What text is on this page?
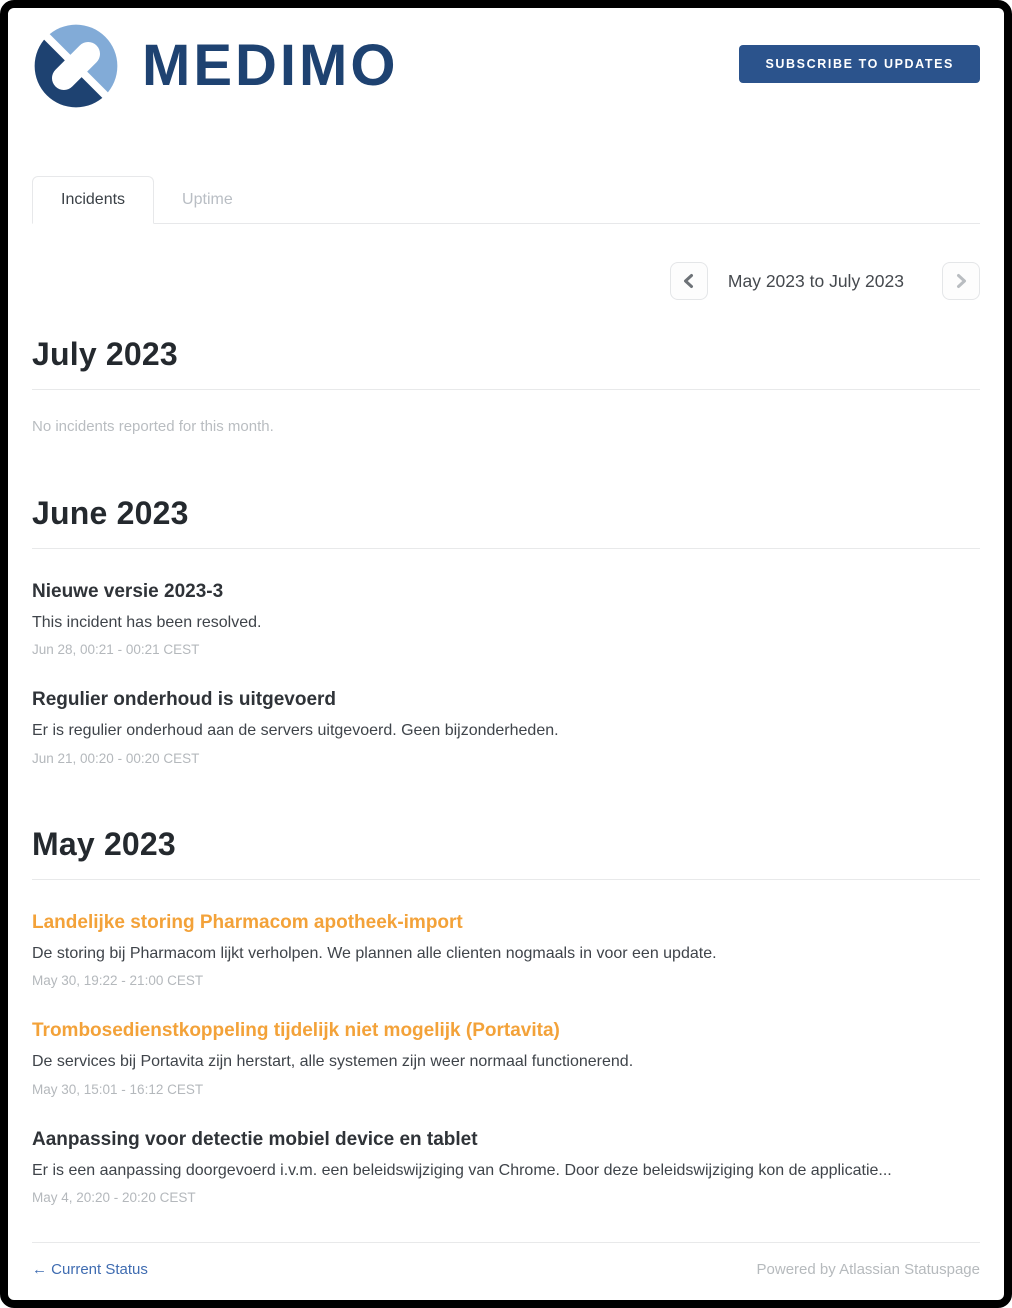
MEDIMO	SUBSCRIBE TO UPDATES
Incidents	Uptime
May 2023 to July 2023
July 2023

No incidents reported for this month.

June 2023
Nieuwe versie 2023-3
This incident has been resolved.
Jun 28, 00:21 - 00:21 CEST
Regulier onderhoud is uitgevoerd
Er is regulier onderhoud aan de servers uitgevoerd. Geen bijzonderheden.
Jun 21, 00:20 - 00:20 CEST
May 2023
Landelijke storing Pharmacom apotheek-import
De storing bij Pharmacom lijkt verholpen. We plannen alle clienten nogmaals in voor een update.
May 30, 19:22 - 21:00 CEST
Trombosedienstkoppeling tijdelijk niet mogelijk (Portavita)
De services bij Portavita zijn herstart, alle systemen zijn weer normaal functionerend.
May 30, 15:01 - 16:12 CEST
Aanpassing voor detectie mobiel device en tablet
Er is een aanpassing doorgevoerd i.v.m. een beleidswijziging van Chrome. Door deze beleidswijziging kon de applicatie...
May 4, 20:20 - 20:20 CEST
← Current Status	Powered by Atlassian Statuspage
